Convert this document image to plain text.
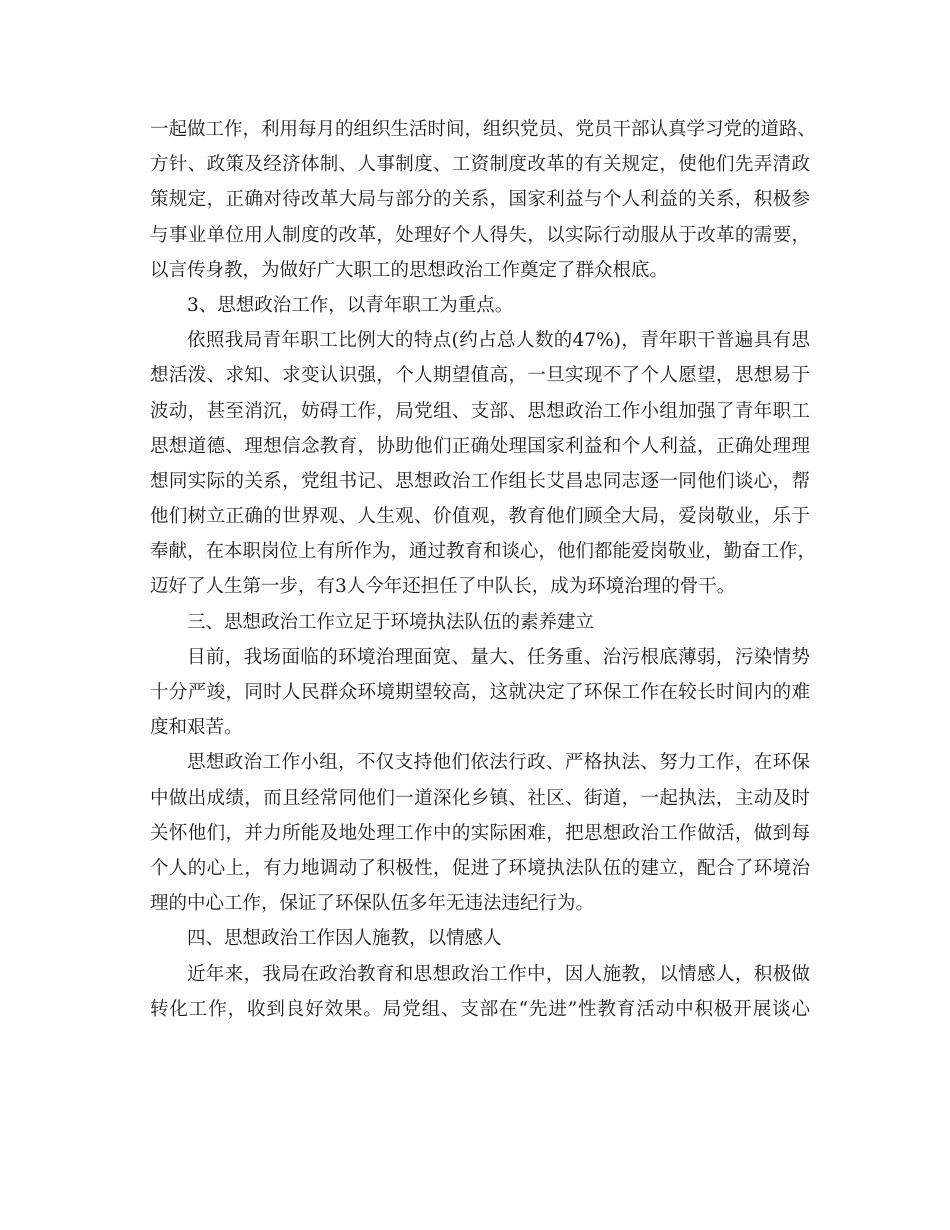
一起做工作，利用每月的组织生活时间，组织党员、党员干部认真学习党的道路、
方针、政策及经济体制、人事制度、工资制度改革的有关规定，使他们先弄清政
策规定，正确对待改革大局与部分的关系，国家利益与个人利益的关系，积极参
与事业单位用人制度的改革，处理好个人得失，以实际行动服从于改革的需要，
以言传身教，为做好广大职工的思想政治工作奠定了群众根底。
3、思想政治工作，以青年职工为重点。
依照我局青年职工比例大的特点(约占总人数的47%)，青年职干普遍具有思
想活泼、求知、求变认识强，个人期望值高，一旦实现不了个人愿望，思想易于
波动，甚至消沉，妨碍工作，局党组、支部、思想政治工作小组加强了青年职工
思想道德、理想信念教育，协助他们正确处理国家利益和个人利益，正确处理理
想同实际的关系，党组书记、思想政治工作组长艾昌忠同志逐一同他们谈心，帮
他们树立正确的世界观、人生观、价值观，教育他们顾全大局，爱岗敬业，乐于
奉献，在本职岗位上有所作为，通过教育和谈心，他们都能爱岗敬业，勤奋工作，
迈好了人生第一步，有3人今年还担任了中队长，成为环境治理的骨干。
三、思想政治工作立足于环境执法队伍的素养建立
目前，我场面临的环境治理面宽、量大、任务重、治污根底薄弱，污染情势
十分严竣，同时人民群众环境期望较高，这就决定了环保工作在较长时间内的难
度和艰苦。
思想政治工作小组，不仅支持他们依法行政、严格执法、努力工作，在环保
中做出成绩，而且经常同他们一道深化乡镇、社区、街道，一起执法，主动及时
关怀他们，并力所能及地处理工作中的实际困难，把思想政治工作做活，做到每
个人的心上，有力地调动了积极性，促进了环境执法队伍的建立，配合了环境治
理的中心工作，保证了环保队伍多年无违法违纪行为。
四、思想政治工作因人施教，以情感人
近年来，我局在政治教育和思想政治工作中，因人施教，以情感人，积极做
转化工作，收到良好效果。局党组、支部在“先进”性教育活动中积极开展谈心
